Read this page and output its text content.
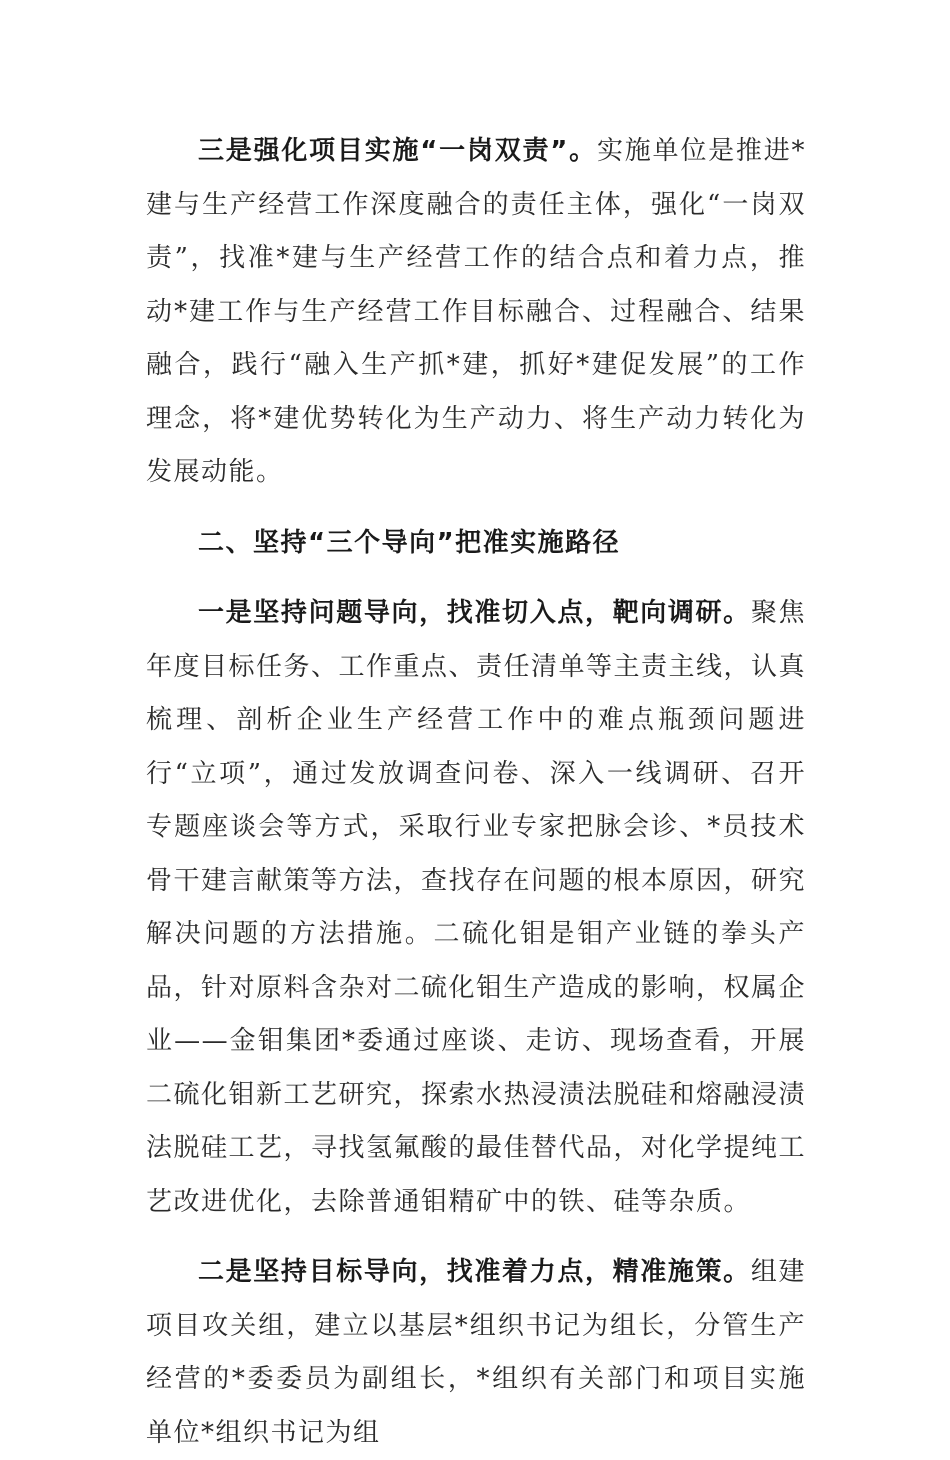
三是强化项目实施“一岗双责”。实施单位是推进*建与生产经营工作深度融合的责任主体，强化“一岗双责”，找准*建与生产经营工作的结合点和着力点，推动*建工作与生产经营工作目标融合、过程融合、结果融合，践行“融入生产抓*建，抓好*建促发展”的工作理念，将*建优势转化为生产动力、将生产动力转化为发展动能。

二、坚持“三个导向”把准实施路径

一是坚持问题导向，找准切入点，靶向调研。聚焦年度目标任务、工作重点、责任清单等主责主线，认真梳理、剖析企业生产经营工作中的难点瓶颈问题进行“立项”，通过发放调查问卷、深入一线调研、召开专题座谈会等方式，采取行业专家把脉会诊、*员技术骨干建言献策等方法，查找存在问题的根本原因，研究解决问题的方法措施。二硫化钼是钼产业链的拳头产品，针对原料含杂对二硫化钼生产造成的影响，权属企业——金钼集团*委通过座谈、走访、现场查看，开展二硫化钼新工艺研究，探索水热浸渍法脱硅和熔融浸渍法脱硅工艺，寻找氢氟酸的最佳替代品，对化学提纯工艺改进优化，去除普通钼精矿中的铁、硅等杂质。

二是坚持目标导向，找准着力点，精准施策。组建项目攻关组，建立以基层*组织书记为组长，分管生产经营的*委委员为副组长，*组织有关部门和项目实施单位*组织书记为组
